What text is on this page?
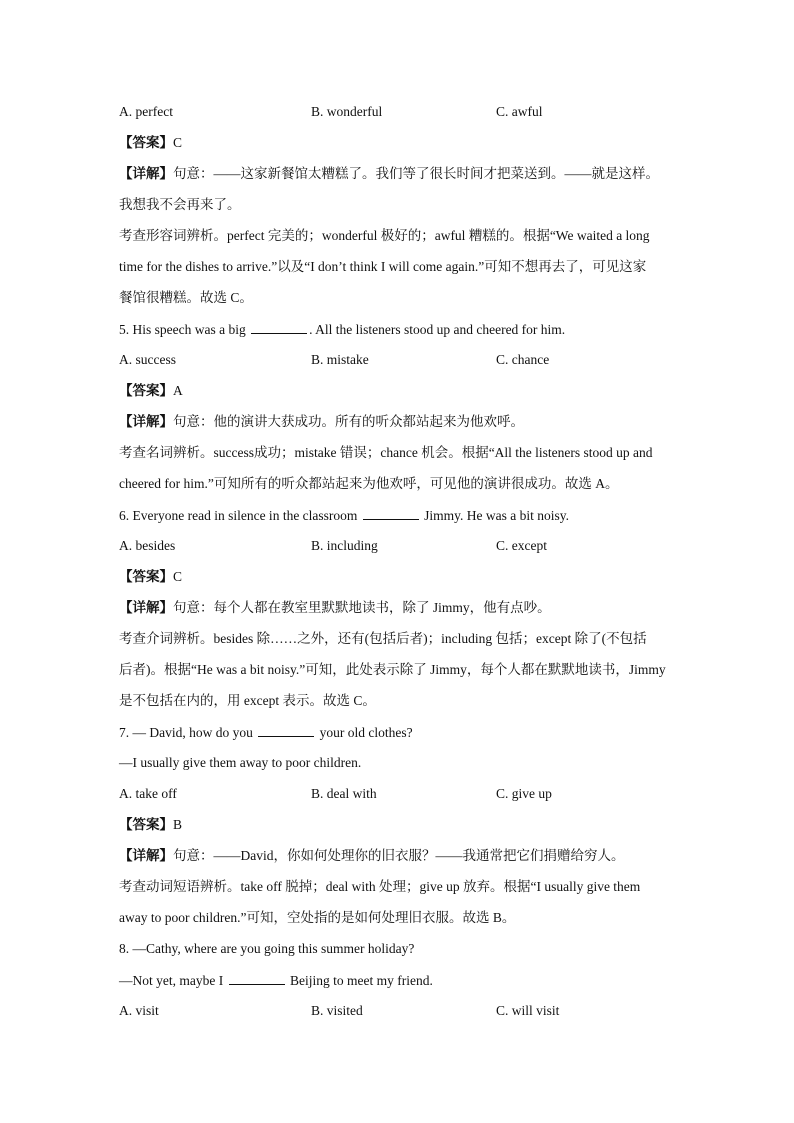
A. perfect	B. wonderful	C. awful
【答案】C
【详解】句意：——这家新餐馆太糟糕了。我们等了很长时间才把菜送到。——就是这样。
我想我不会再来了。
考查形容词辨析。perfect 完美的；wonderful 极好的；awful 糟糕的。根据“We waited a long
time for the dishes to arrive.”以及“I don’t think I will come again.”可知不想再去了，可见这家
餐馆很糟糕。故选 C。
5. His speech was a big	. All the listeners stood up and cheered for him.
A. success	B. mistake	C. chance
【答案】A
【详解】句意：他的演讲大获成功。所有的听众都站起来为他欢呼。
考查名词辨析。success成功；mistake 错误；chance 机会。根据“All the listeners stood up and
cheered for him.”可知所有的听众都站起来为他欢呼，可见他的演讲很成功。故选 A。
6. Everyone read in silence in the classroom	Jimmy. He was a bit noisy.
A. besides	B. including	C. except
【答案】C
【详解】句意：每个人都在教室里默默地读书，除了 Jimmy，他有点吵。
考查介词辨析。besides 除……之外，还有(包括后者)；including 包括；except 除了(不包括
后者)。根据“He was a bit noisy.”可知，此处表示除了 Jimmy，每个人都在默默地读书，Jimmy
是不包括在内的，用 except 表示。故选 C。
7. — David, how do you	your old clothes?
—I usually give them away to poor children.
A. take off	B. deal with	C. give up
【答案】B
【详解】句意：——David，你如何处理你的旧衣服？——我通常把它们捐赠给穷人。
考查动词短语辨析。take off 脱掉；deal with 处理；give up 放弃。根据“I usually give them
away to poor children.”可知，空处指的是如何处理旧衣服。故选 B。
8. —Cathy, where are you going this summer holiday?
—Not yet, maybe I	Beijing to meet my friend.
A. visit	B. visited	C. will visit
